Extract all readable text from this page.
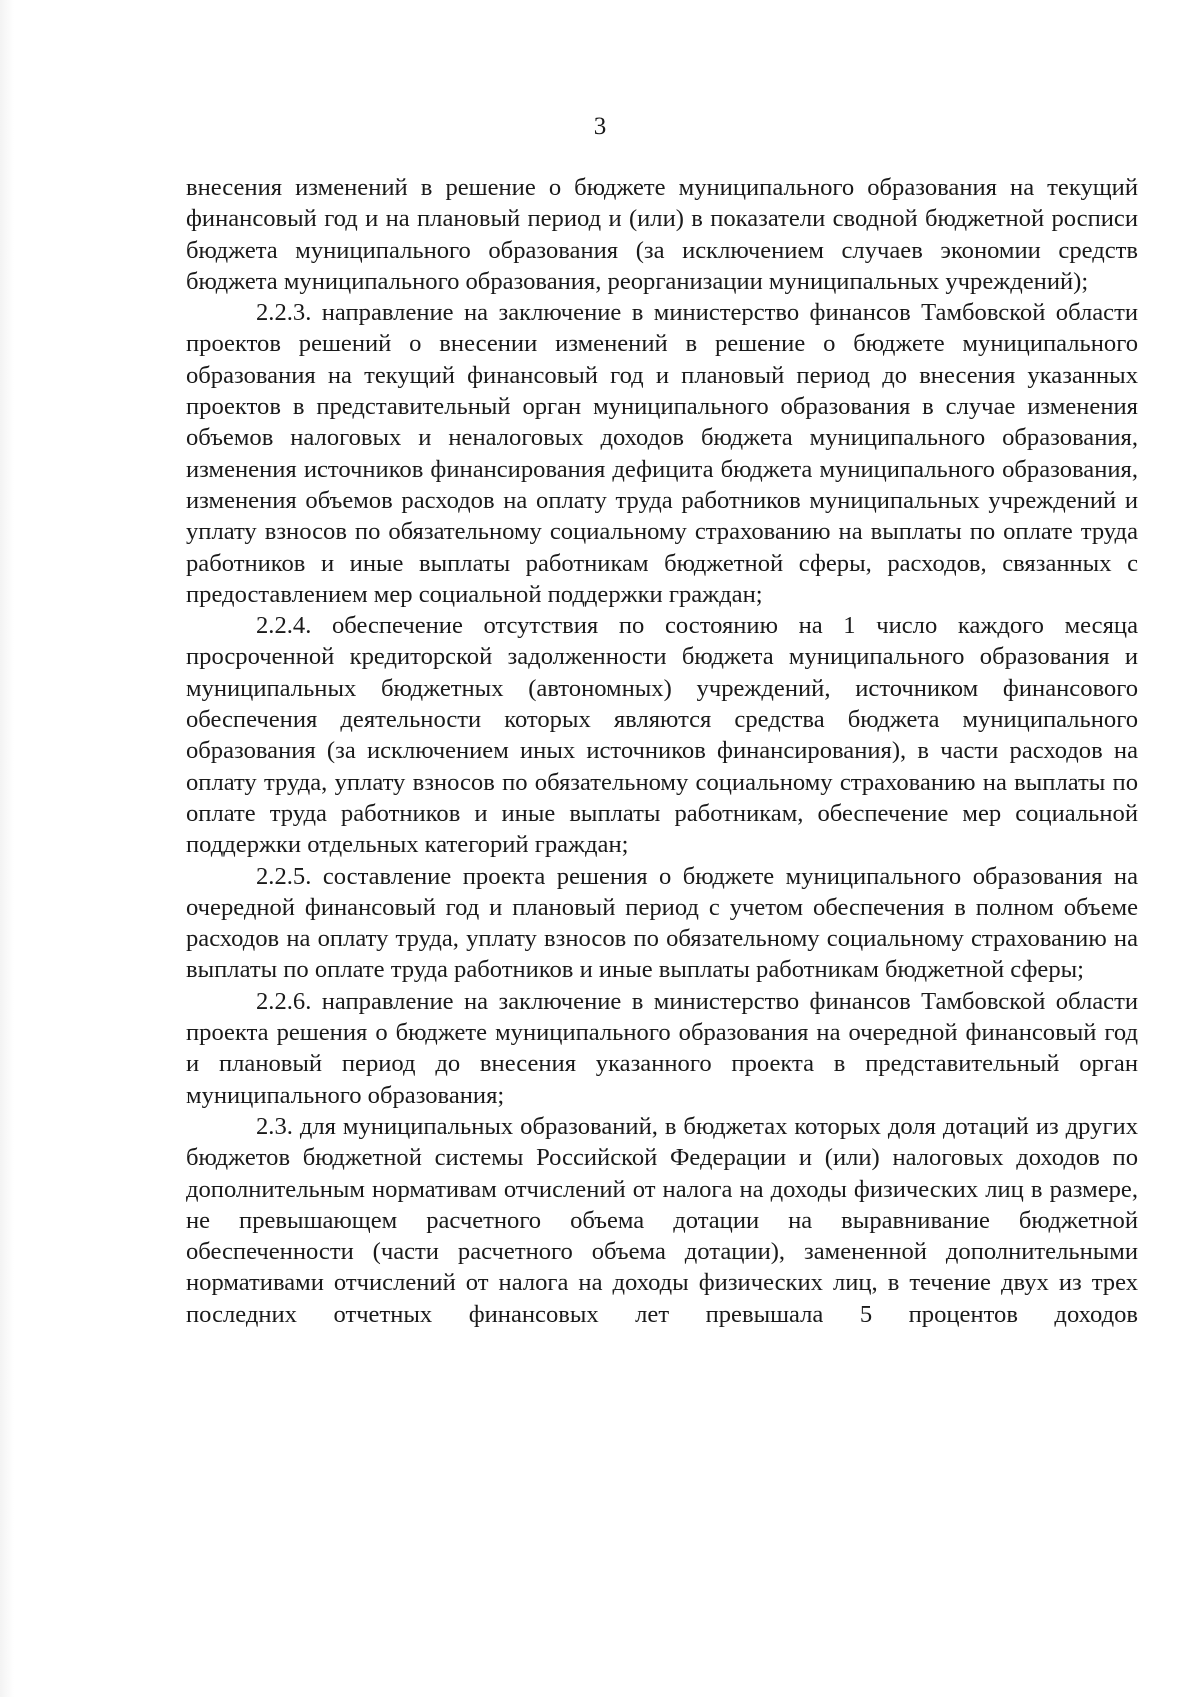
3

внесения изменений в решение о бюджете муниципального образования на текущий финансовый год и на плановый период и (или) в показатели сводной бюджетной росписи бюджета муниципального образования (за исключением случаев экономии средств бюджета муниципального образования, реорганизации муниципальных учреждений);

2.2.3. направление на заключение в министерство финансов Тамбовской области проектов решений о внесении изменений в решение о бюджете муниципального образования на текущий финансовый год и плановый период до внесения указанных проектов в представительный орган муниципального образования в случае изменения объемов налоговых и неналоговых доходов бюджета муниципального образования, изменения источников финансирования дефицита бюджета муниципального образования, изменения объемов расходов на оплату труда работников муниципальных учреждений и уплату взносов по обязательному социальному страхованию на выплаты по оплате труда работников и иные выплаты работникам бюджетной сферы, расходов, связанных с предоставлением мер социальной поддержки граждан;

2.2.4. обеспечение отсутствия по состоянию на 1 число каждого месяца просроченной кредиторской задолженности бюджета муниципального образования и муниципальных бюджетных (автономных) учреждений, источником финансового обеспечения деятельности которых являются средства бюджета муниципального образования (за исключением иных источников финансирования), в части расходов на оплату труда, уплату взносов по обязательному социальному страхованию на выплаты по оплате труда работников и иные выплаты работникам, обеспечение мер социальной поддержки отдельных категорий граждан;

2.2.5. составление проекта решения о бюджете муниципального образования на очередной финансовый год и плановый период с учетом обеспечения в полном объеме расходов на оплату труда, уплату взносов по обязательному социальному страхованию на выплаты по оплате труда работников и иные выплаты работникам бюджетной сферы;

2.2.6. направление на заключение в министерство финансов Тамбовской области проекта решения о бюджете муниципального образования на очередной финансовый год и плановый период до внесения указанного проекта в представительный орган муниципального образования;

2.3. для муниципальных образований, в бюджетах которых доля дотаций из других бюджетов бюджетной системы Российской Федерации и (или) налоговых доходов по дополнительным нормативам отчислений от налога на доходы физических лиц в размере, не превышающем расчетного объема дотации на выравнивание бюджетной обеспеченности (части расчетного объема дотации), замененной дополнительными нормативами отчислений от налога на доходы физических лиц, в течение двух из трех последних отчетных финансовых лет превышала 5 процентов доходов
